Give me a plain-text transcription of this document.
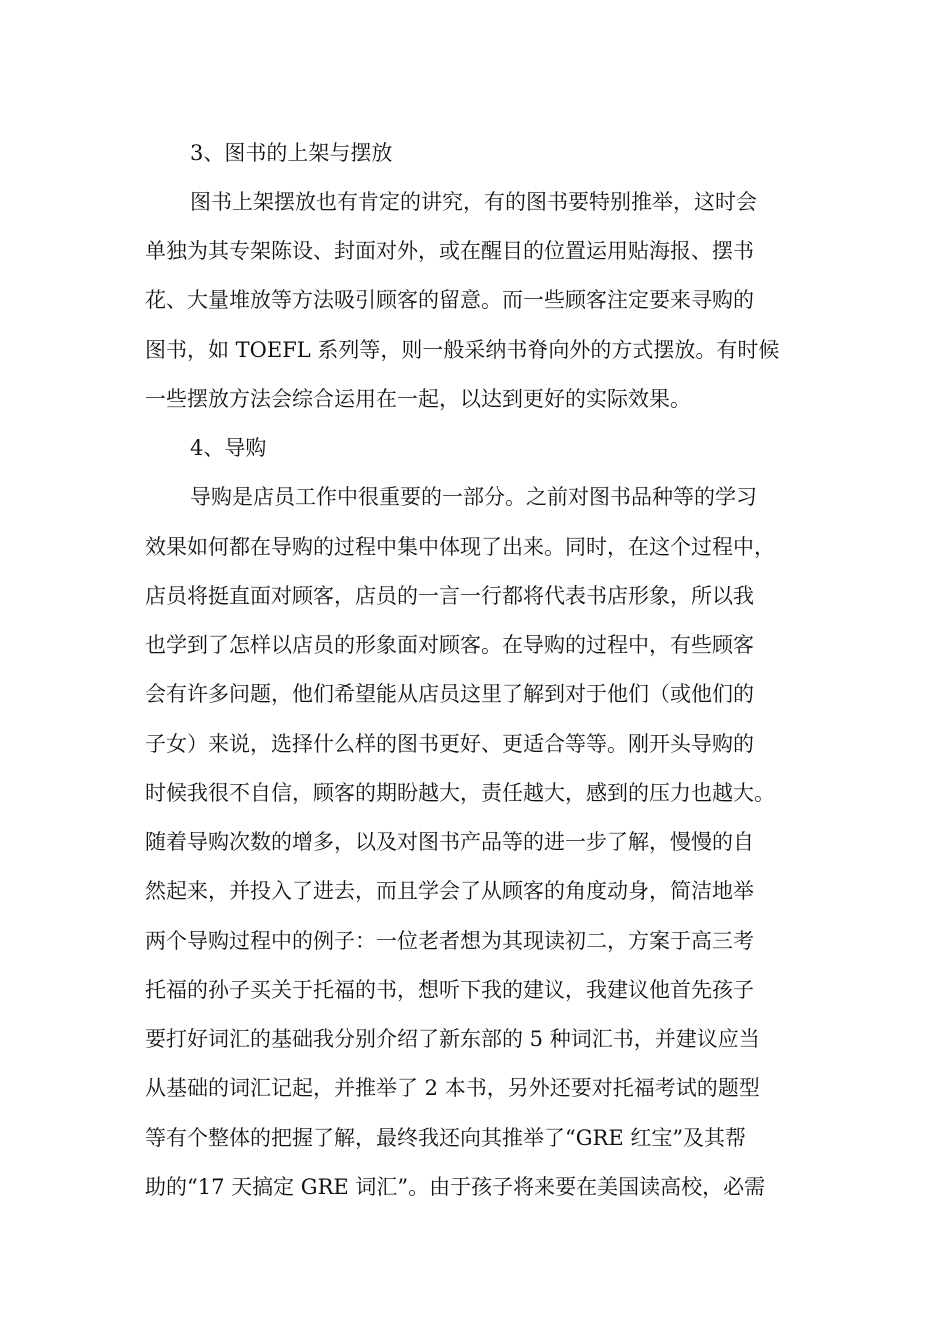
3、图书的上架与摆放

图书上架摆放也有肯定的讲究，有的图书要特别推举，这时会

单独为其专架陈设、封面对外，或在醒目的位置运用贴海报、摆书

花、大量堆放等方法吸引顾客的留意。而一些顾客注定要来寻购的

图书，如 TOEFL 系列等，则一般采纳书脊向外的方式摆放。有时候

一些摆放方法会综合运用在一起，以达到更好的实际效果。

4、导购

导购是店员工作中很重要的一部分。之前对图书品种等的学习

效果如何都在导购的过程中集中体现了出来。同时，在这个过程中，

店员将挺直面对顾客，店员的一言一行都将代表书店形象，所以我

也学到了怎样以店员的形象面对顾客。在导购的过程中，有些顾客

会有许多问题，他们希望能从店员这里了解到对于他们（或他们的

子女）来说，选择什么样的图书更好、更适合等等。刚开头导购的

时候我很不自信，顾客的期盼越大，责任越大，感到的压力也越大。

随着导购次数的增多，以及对图书产品等的进一步了解，慢慢的自

然起来，并投入了进去，而且学会了从顾客的角度动身，简洁地举

两个导购过程中的例子：一位老者想为其现读初二，方案于高三考

托福的孙子买关于托福的书，想听下我的建议，我建议他首先孩子

要打好词汇的基础我分别介绍了新东部的 5 种词汇书，并建议应当

从基础的词汇记起，并推举了 2 本书，另外还要对托福考试的题型

等有个整体的把握了解，最终我还向其推举了“GRE 红宝”及其帮

助的“17 天搞定 GRE 词汇”。由于孩子将来要在美国读高校，必需
